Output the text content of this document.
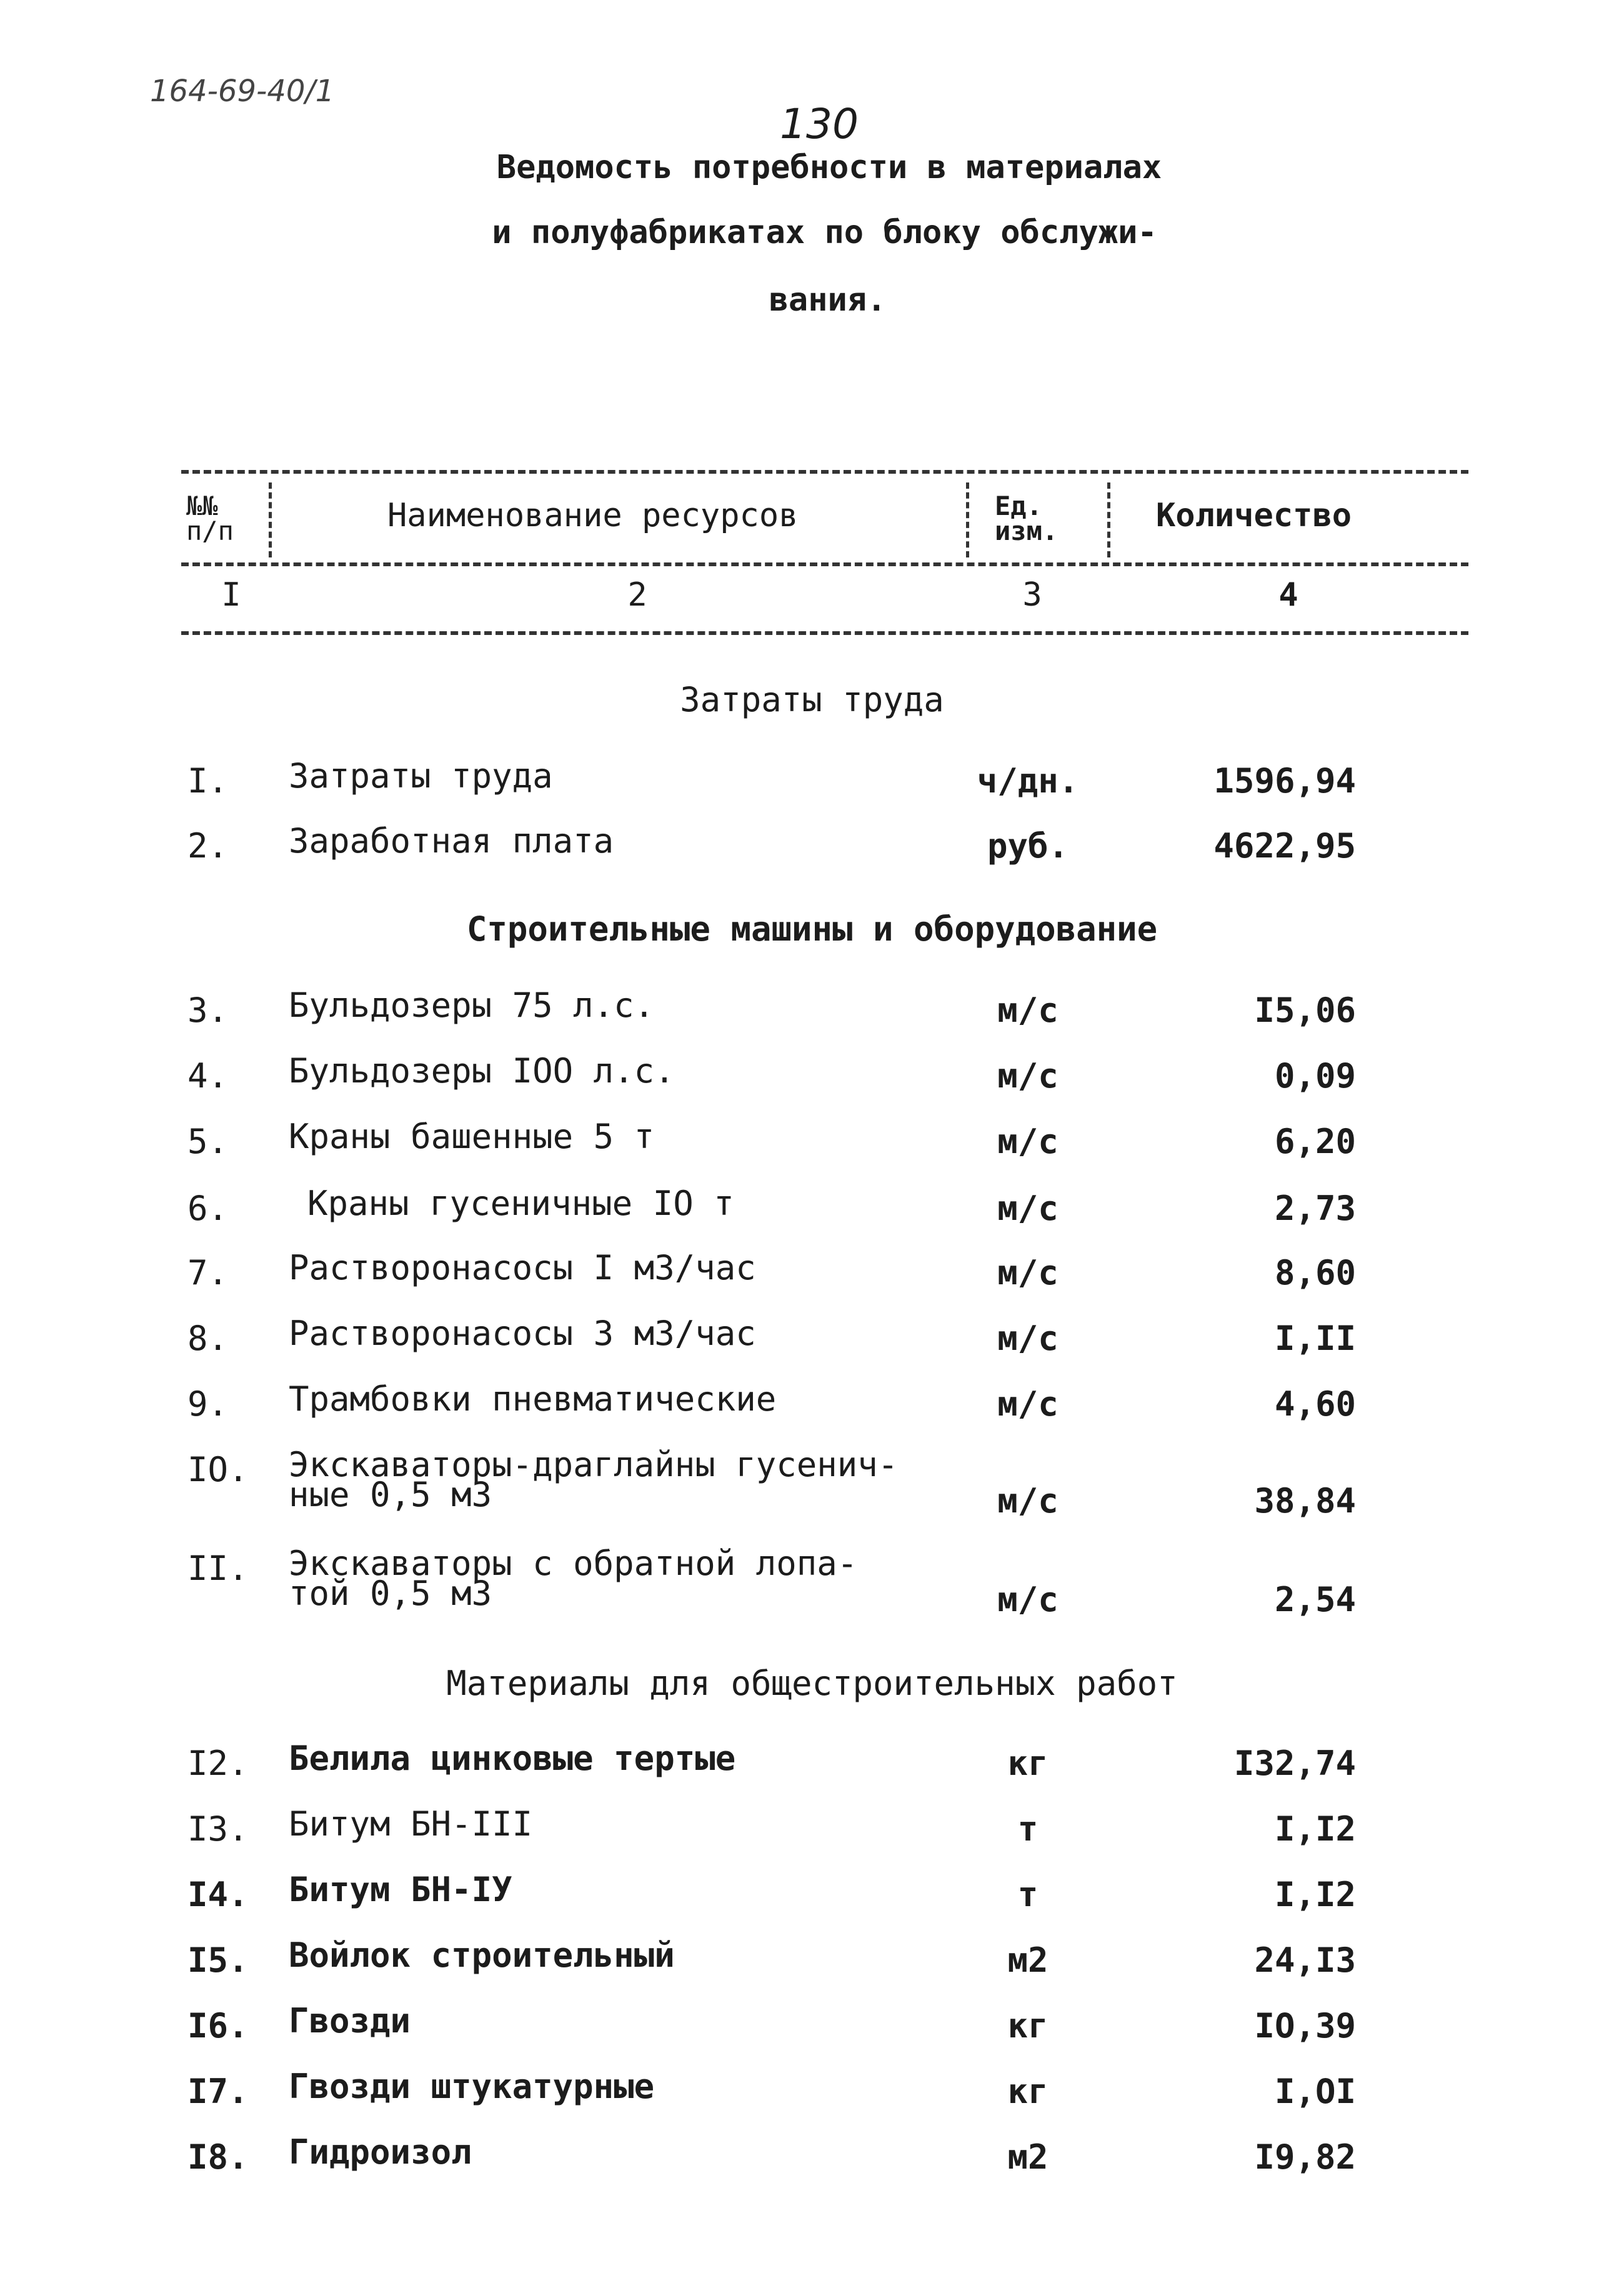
164-69-40/1
130
Ведомость потребности в материалах
и полуфабрикатах по блоку обслужи-
вания.
№№ п/п	Наименование ресурсов	Ед. изм.	Количество
I	2	3	4
Затраты труда
I. Затраты труда	ч/дн.	1596,94
2. Заработная плата	руб.	4622,95
Строительные машины и оборудование
3. Бульдозеры 75 л.с.	м/с	I5,06
4. Бульдозеры IOO л.с.	м/с	0,09
5. Краны башенные 5 т	м/с	6,20
6. Краны гусеничные IO т	м/с	2,73
7. Растворонасосы I м3/час	м/с	8,60
8. Растворонасосы 3 м3/час	м/с	I,II
9. Трамбовки пневматические	м/с	4,60
IO. Экскаваторы-драглайны гусенич-
ные 0,5 м3	м/с	38,84
II. Экскаваторы с обратной лопа-
той 0,5 м3	м/с	2,54
Материалы для общестроительных работ
I2. Белила цинковые тертые	кг	I32,74
I3. Битум БН-III	т	I,I2
I4. Битум БН-IУ	т	I,I2
I5. Войлок строительный	м2	24,I3
I6. Гвозди	кг	IO,39
I7. Гвозди штукатурные	кг	I,OI
I8. Гидроизол	м2	I9,82
